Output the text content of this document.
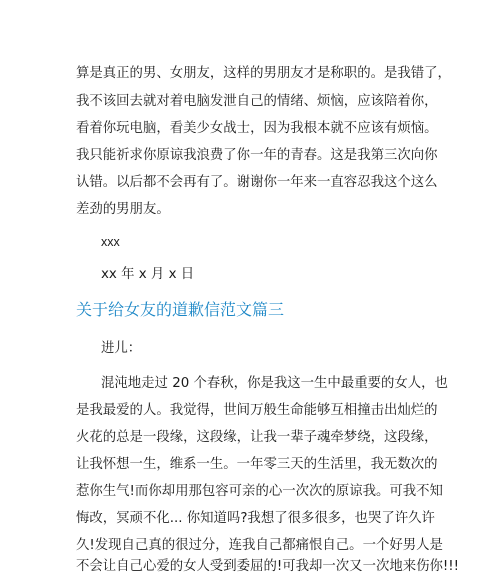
算是真正的男、女朋友，这样的男朋友才是称职的。是我错了，
我不该回去就对着电脑发泄自己的情绪、烦恼，应该陪着你，
看着你玩电脑，看美少女战士，因为我根本就不应该有烦恼。
我只能祈求你原谅我浪费了你一年的青春。这是我第三次向你
认错。以后都不会再有了。谢谢你一年来一直容忍我这个这么
差劲的男朋友。
xxx
xx 年 x 月 x 日
关于给女友的道歉信范文篇三
进儿：
混沌地走过 20 个春秋，你是我这一生中最重要的女人，也
是我最爱的人。我觉得，世间万般生命能够互相撞击出灿烂的
火花的总是一段缘，这段缘，让我一辈子魂牵梦绕，这段缘，
让我怀想一生，维系一生。一年零三天的生活里，我无数次的
惹你生气!而你却用那包容可亲的心一次次的原谅我。可我不知
悔改，冥顽不化... 你知道吗?我想了很多很多，也哭了许久许
久!发现自己真的很过分，连我自己都痛恨自己。一个好男人是
不会让自己心爱的女人受到委屈的!可我却一次又一次地来伤你!!!
